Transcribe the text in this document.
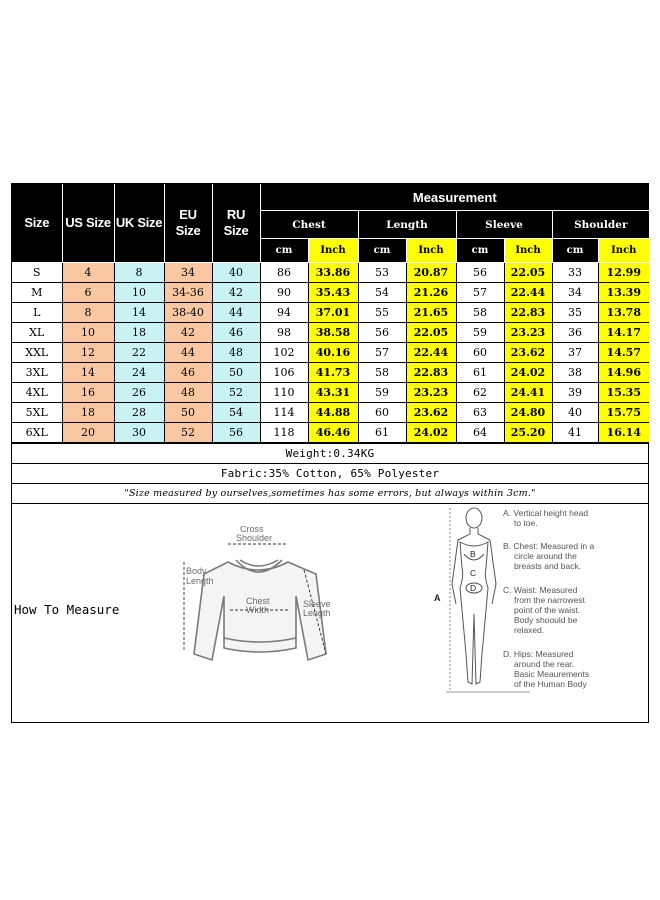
Size	US Size	UK Size	EU Size	RU Size	Measurement							
					Chest		Length		Sleeve		Shoulder	
					cm	Inch	cm	Inch	cm	Inch	cm	Inch
S	4	8	34	40	86	33.86	53	20.87	56	22.05	33	12.99
M	6	10	34-36	42	90	35.43	54	21.26	57	22.44	34	13.39
L	8	14	38-40	44	94	37.01	55	21.65	58	22.83	35	13.78
XL	10	18	42	46	98	38.58	56	22.05	59	23.23	36	14.17
XXL	12	22	44	48	102	40.16	57	22.44	60	23.62	37	14.57
3XL	14	24	46	50	106	41.73	58	22.83	61	24.02	38	14.96
4XL	16	26	48	52	110	43.31	59	23.23	62	24.41	39	15.35
5XL	18	28	50	54	114	44.88	60	23.62	63	24.80	40	15.75
6XL	20	30	52	56	118	46.46	61	24.02	64	25.20	41	16.14
Weight:0.34KG
Fabric:35% Cotton, 65% Polyester
"Size measured by ourselves,sometimes has some errors, but always within 3cm."
How To Measure
Cross
Shoulder
Body
Length
Chest
Width
Sleeve
Length
A
B
C
D
A. Vertical height head
to toe.
B. Chest: Measured in a
circle around the
breasts and back.
C. Waist: Measured
from the narrowest
point of the waist.
Body shoould be
relaxed.
D. Hips: Measured
around the rear.
Basic Meaurements
of the Human Body
